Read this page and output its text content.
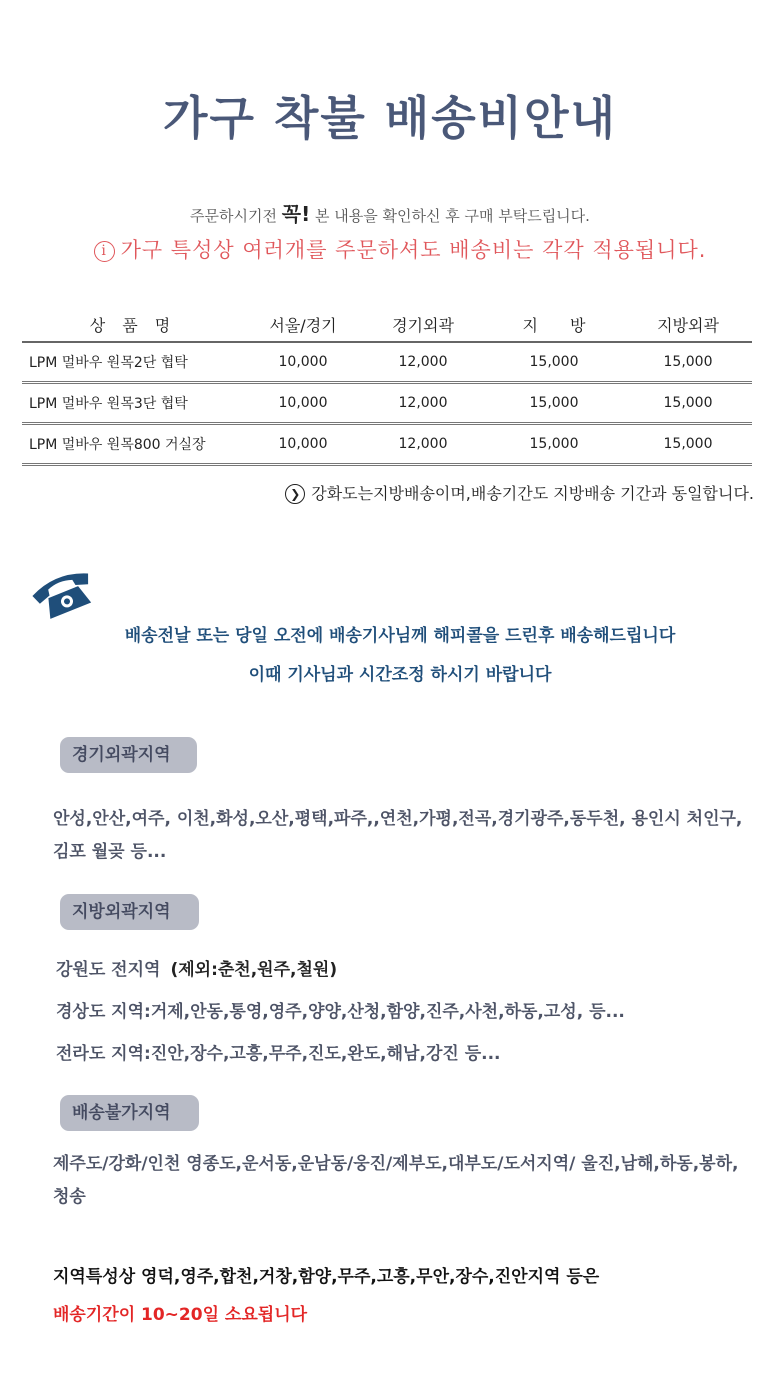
가구 착불 배송비안내
주문하시기전 꼭! 본 내용을 확인하신 후 구매 부탁드립니다.
i 가구 특성상 여러개를 주문하셔도 배송비는 각각 적용됩니다.
상 품 명	서울/경기	경기외곽	지　　방	지방외곽
LPM 멀바우 원목2단 협탁	10,000	12,000	15,000	15,000
LPM 멀바우 원목3단 협탁	10,000	12,000	15,000	15,000
LPM 멀바우 원목800 거실장	10,000	12,000	15,000	15,000
❯ 강화도는지방배송이며,배송기간도 지방배송 기간과 동일합니다.
배송전날 또는 당일 오전에 배송기사님께 해피콜을 드린후 배송해드립니다
이때 기사님과 시간조정 하시기 바랍니다
경기외곽지역
안성,안산,여주, 이천,화성,오산,평택,파주,,연천,가평,전곡,경기광주,동두천, 용인시 처인구,김포 월곶 등...
지방외곽지역
강원도 전지역 (제외:춘천,원주,철원)
경상도 지역:거제,안동,통영,영주,양양,산청,함양,진주,사천,하동,고성, 등...
전라도 지역:진안,장수,고흥,무주,진도,완도,해남,강진 등...
배송불가지역
제주도/강화/인천 영종도,운서동,운남동/웅진/제부도,대부도/도서지역/ 울진,남해,하동,봉하,청송
지역특성상 영덕,영주,합천,거창,함양,무주,고흥,무안,장수,진안지역 등은
배송기간이 10~20일 소요됩니다
